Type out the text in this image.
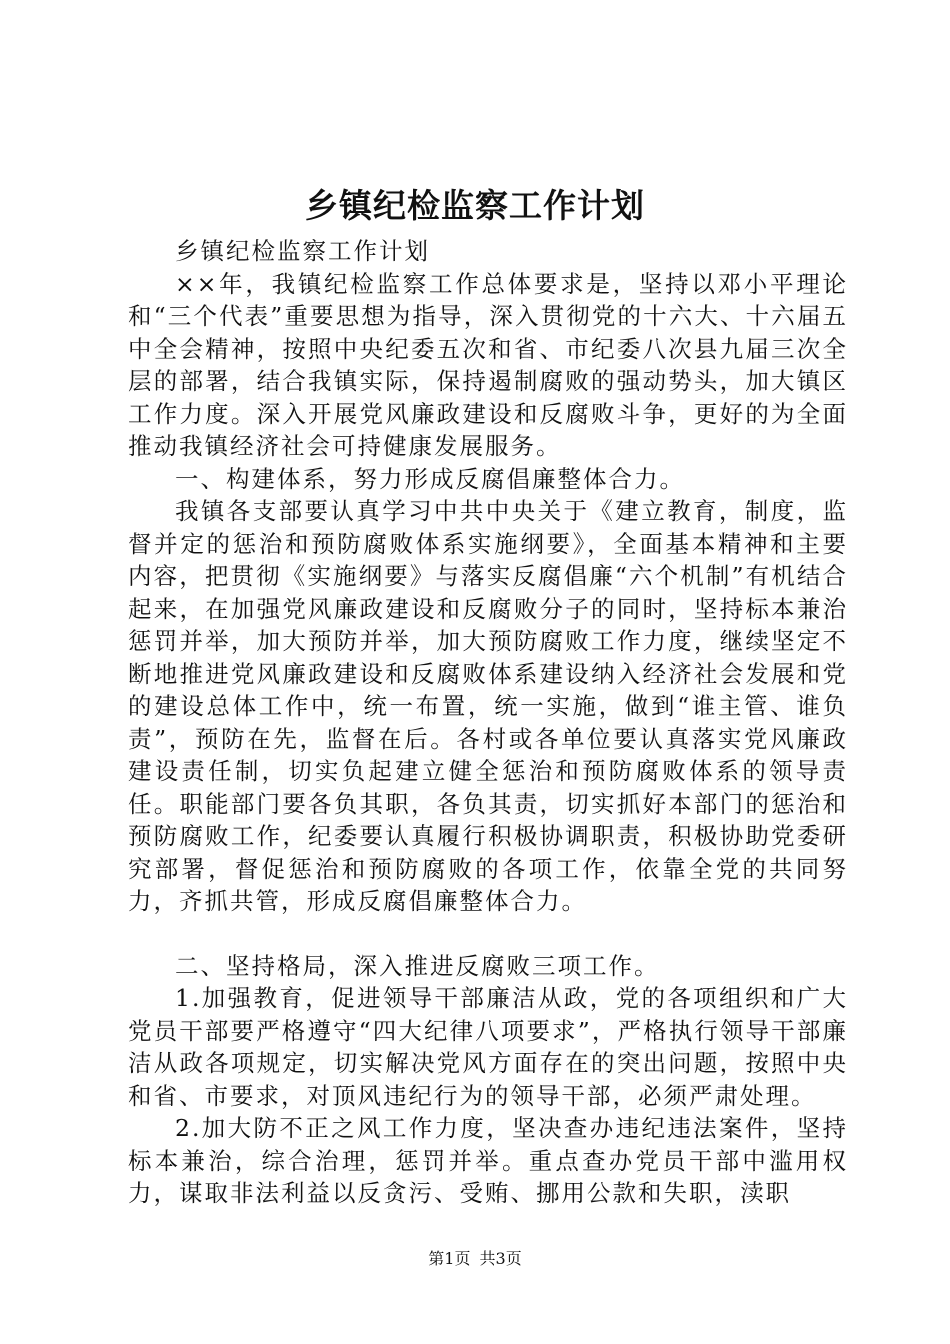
乡镇纪检监察工作计划

乡镇纪检监察工作计划

××年，我镇纪检监察工作总体要求是，坚持以邓小平理论和“三个代表”重要思想为指导，深入贯彻党的十六大、十六届五中全会精神，按照中央纪委五次和省、市纪委八次县九届三次全层的部署，结合我镇实际，保持遏制腐败的强动势头，加大镇区工作力度。深入开展党风廉政建设和反腐败斗争，更好的为全面推动我镇经济社会可持健康发展服务。

一、构建体系，努力形成反腐倡廉整体合力。

我镇各支部要认真学习中共中央关于《建立教育，制度，监督并定的惩治和预防腐败体系实施纲要》，全面基本精神和主要内容，把贯彻《实施纲要》与落实反腐倡廉“六个机制”有机结合起来，在加强党风廉政建设和反腐败分子的同时，坚持标本兼治惩罚并举，加大预防并举，加大预防腐败工作力度，继续坚定不断地推进党风廉政建设和反腐败体系建设纳入经济社会发展和党的建设总体工作中，统一布置，统一实施，做到“谁主管、谁负责”，预防在先，监督在后。各村或各单位要认真落实党风廉政建设责任制，切实负起建立健全惩治和预防腐败体系的领导责任。职能部门要各负其职，各负其责，切实抓好本部门的惩治和预防腐败工作，纪委要认真履行积极协调职责，积极协助党委研究部署，督促惩治和预防腐败的各项工作，依靠全党的共同努力，齐抓共管，形成反腐倡廉整体合力。

二、坚持格局，深入推进反腐败三项工作。

1.加强教育，促进领导干部廉洁从政，党的各项组织和广大党员干部要严格遵守“四大纪律八项要求”，严格执行领导干部廉洁从政各项规定，切实解决党风方面存在的突出问题，按照中央和省、市要求，对顶风违纪行为的领导干部，必须严肃处理。

2.加大防不正之风工作力度，坚决查办违纪违法案件，坚持标本兼治，综合治理，惩罚并举。重点查办党员干部中滥用权力，谋取非法利益以反贪污、受贿、挪用公款和失职，渎职

第1页 共3页
